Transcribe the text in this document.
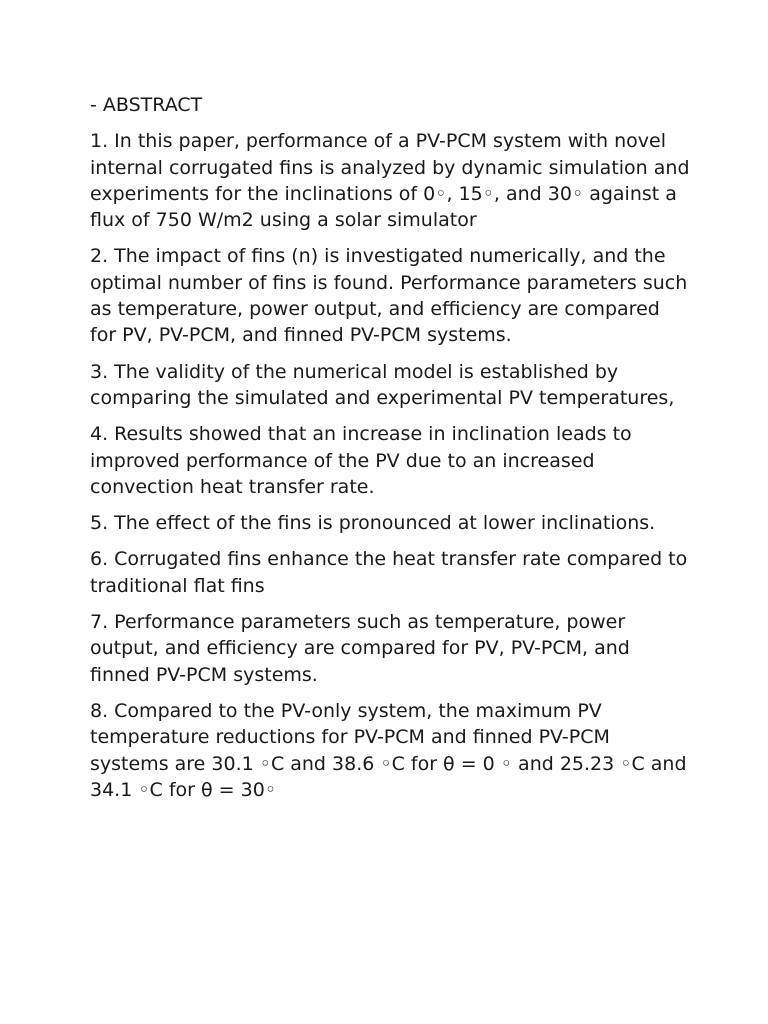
- ABSTRACT

1. In this paper, performance of a PV-PCM system with novel internal corrugated fins is analyzed by dynamic simulation and experiments for the inclinations of 0◦, 15◦, and 30◦ against a flux of 750 W/m2 using a solar simulator

2. The impact of fins (n) is investigated numerically, and the optimal number of fins is found. Performance parameters such as temperature, power output, and efficiency are compared for PV, PV-PCM, and finned PV-PCM systems.

3. The validity of the numerical model is established by comparing the simulated and experimental PV temperatures,

4. Results showed that an increase in inclination leads to improved performance of the PV due to an increased convection heat transfer rate.

5. The effect of the fins is pronounced at lower inclinations.

6. Corrugated fins enhance the heat transfer rate compared to traditional flat fins

7. Performance parameters such as temperature, power output, and efficiency are compared for PV, PV-PCM, and finned PV-PCM systems.

8. Compared to the PV-only system, the maximum PV temperature reductions for PV-PCM and finned PV-PCM systems are 30.1 ◦C and 38.6 ◦C for θ = 0 ◦ and 25.23 ◦C and 34.1 ◦C for θ = 30◦
